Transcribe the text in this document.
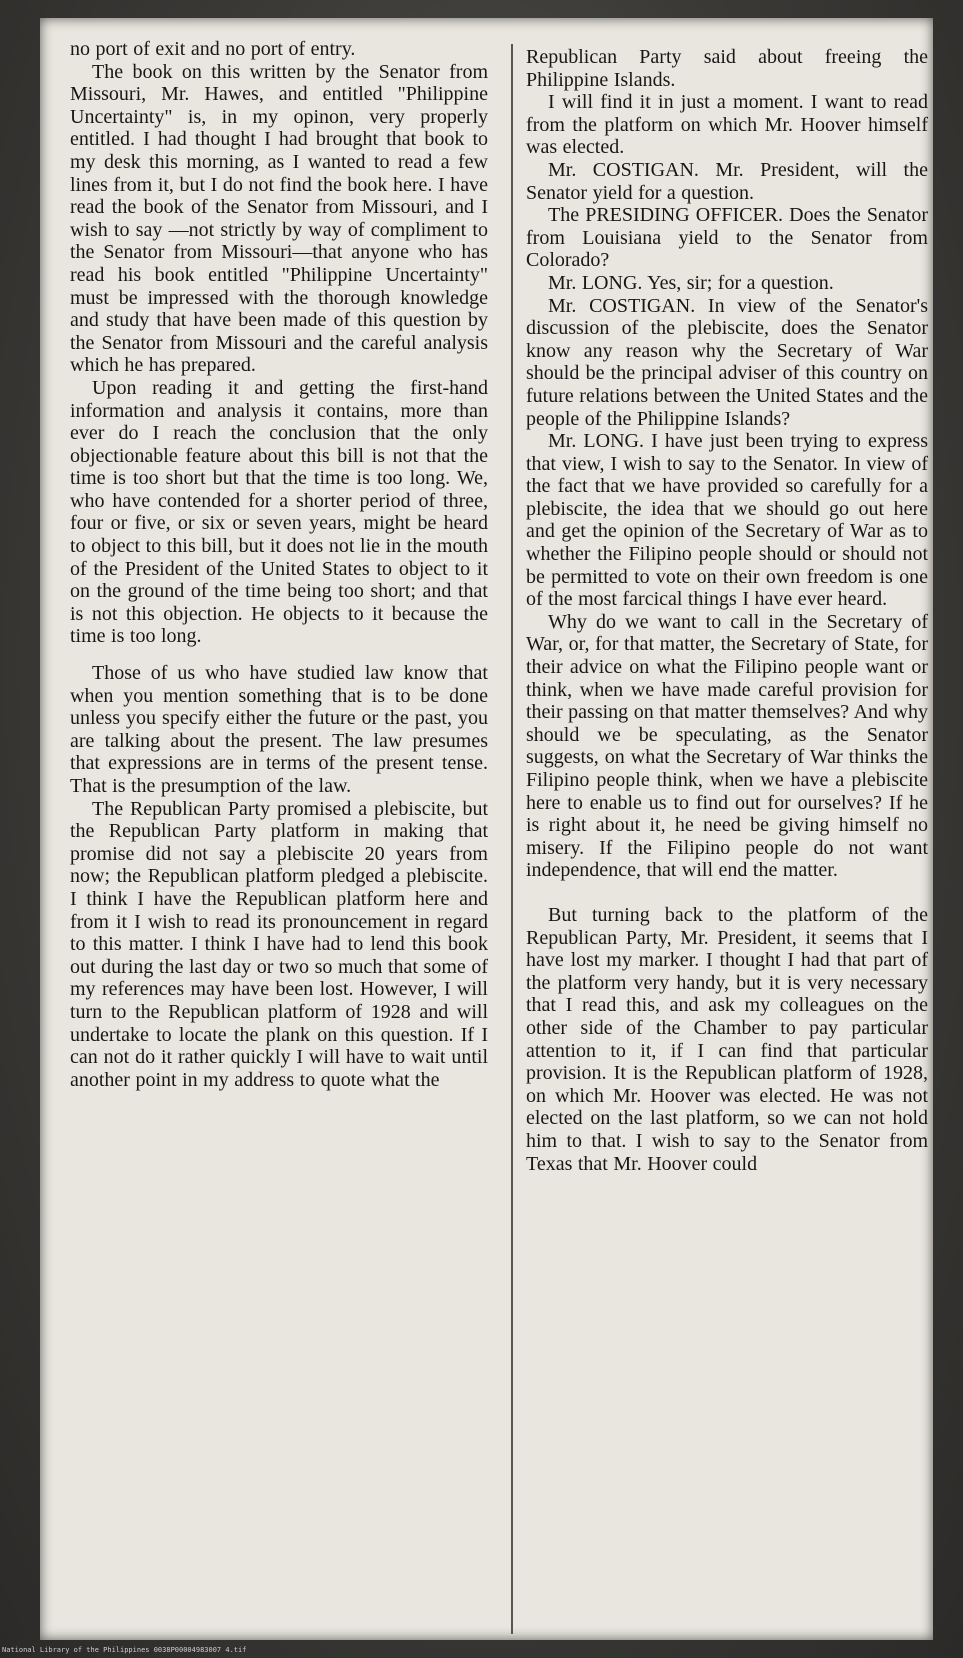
no port of exit and no port of entry.

The book on this written by the Senator from Missouri, Mr. Hawes, and entitled "Philippine Uncertainty" is, in my opinon, very properly entitled. I had thought I had brought that book to my desk this morning, as I wanted to read a few lines from it, but I do not find the book here. I have read the book of the Senator from Missouri, and I wish to say —not strictly by way of compliment to the Senator from Missouri—that anyone who has read his book entitled "Philippine Uncertainty" must be impressed with the thorough knowledge and study that have been made of this question by the Senator from Missouri and the careful analysis which he has prepared.

Upon reading it and getting the first-hand information and analysis it contains, more than ever do I reach the conclusion that the only objectionable feature about this bill is not that the time is too short but that the time is too long. We, who have contended for a shorter period of three, four or five, or six or seven years, might be heard to object to this bill, but it does not lie in the mouth of the President of the United States to object to it on the ground of the time being too short; and that is not this objection. He objects to it because the time is too long.

Those of us who have studied law know that when you mention something that is to be done unless you specify either the future or the past, you are talking about the present. The law presumes that expressions are in terms of the present tense. That is the presumption of the law.

The Republican Party promised a plebiscite, but the Republican Party platform in making that promise did not say a plebiscite 20 years from now; the Republican platform pledged a plebiscite. I think I have the Republican platform here and from it I wish to read its pronouncement in regard to this matter. I think I have had to lend this book out during the last day or two so much that some of my references may have been lost. However, I will turn to the Republican platform of 1928 and will undertake to locate the plank on this question. If I can not do it rather quickly I will have to wait until another point in my address to quote what the

Republican Party said about freeing the Philippine Islands.

I will find it in just a moment. I want to read from the platform on which Mr. Hoover himself was elected.

Mr. COSTIGAN. Mr. President, will the Senator yield for a question.

The PRESIDING OFFICER. Does the Senator from Louisiana yield to the Senator from Colorado?

Mr. LONG. Yes, sir; for a question.

Mr. COSTIGAN. In view of the Senator's discussion of the plebiscite, does the Senator know any reason why the Secretary of War should be the principal adviser of this country on future relations between the United States and the people of the Philippine Islands?

Mr. LONG. I have just been trying to express that view, I wish to say to the Senator. In view of the fact that we have provided so carefully for a plebiscite, the idea that we should go out here and get the opinion of the Secretary of War as to whether the Filipino people should or should not be permitted to vote on their own freedom is one of the most farcical things I have ever heard.

Why do we want to call in the Secretary of War, or, for that matter, the Secretary of State, for their advice on what the Filipino people want or think, when we have made careful provision for their passing on that matter themselves? And why should we be speculating, as the Senator suggests, on what the Secretary of War thinks the Filipino people think, when we have a plebiscite here to enable us to find out for ourselves? If he is right about it, he need be giving himself no misery. If the Filipino people do not want independence, that will end the matter.

But turning back to the platform of the Republican Party, Mr. President, it seems that I have lost my marker. I thought I had that part of the platform very handy, but it is very necessary that I read this, and ask my colleagues on the other side of the Chamber to pay particular attention to it, if I can find that particular provision. It is the Republican platform of 1928, on which Mr. Hoover was elected. He was not elected on the last platform, so we can not hold him to that. I wish to say to the Senator from Texas that Mr. Hoover could

National Library of the Philippines 0038P00004983007 4.tif
